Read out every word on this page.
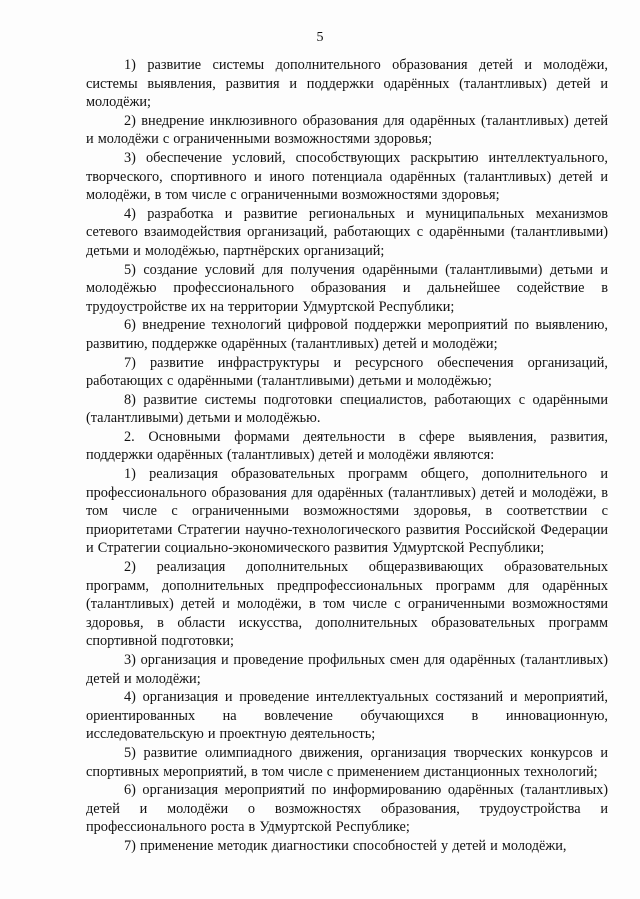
5

1) развитие системы дополнительного образования детей и молодёжи, системы выявления, развития и поддержки одарённых (талантливых) детей и молодёжи;

2) внедрение инклюзивного образования для одарённых (талантливых) детей и молодёжи с ограниченными возможностями здоровья;

3) обеспечение условий, способствующих раскрытию интеллектуального, творческого, спортивного и иного потенциала одарённых (талантливых) детей и молодёжи, в том числе с ограниченными возможностями здоровья;

4) разработка и развитие региональных и муниципальных механизмов сетевого взаимодействия организаций, работающих с одарёнными (талантливыми) детьми и молодёжью, партнёрских организаций;

5) создание условий для получения одарёнными (талантливыми) детьми и молодёжью профессионального образования и дальнейшее содействие в трудоустройстве их на территории Удмуртской Республики;

6) внедрение технологий цифровой поддержки мероприятий по выявлению, развитию, поддержке одарённых (талантливых) детей и молодёжи;

7) развитие инфраструктуры и ресурсного обеспечения организаций, работающих с одарёнными (талантливыми) детьми и молодёжью;

8) развитие системы подготовки специалистов, работающих с одарёнными (талантливыми) детьми и молодёжью.

2. Основными формами деятельности в сфере выявления, развития, поддержки одарённых (талантливых) детей и молодёжи являются:

1) реализация образовательных программ общего, дополнительного и профессионального образования для одарённых (талантливых) детей и молодёжи, в том числе с ограниченными возможностями здоровья, в соответствии с приоритетами Стратегии научно-технологического развития Российской Федерации и Стратегии социально-экономического развития Удмуртской Республики;

2) реализация дополнительных общеразвивающих образовательных программ, дополнительных предпрофессиональных программ для одарённых (талантливых) детей и молодёжи, в том числе с ограниченными возможностями здоровья, в области искусства, дополнительных образовательных программ спортивной подготовки;

3) организация и проведение профильных смен для одарённых (талантливых) детей и молодёжи;

4) организация и проведение интеллектуальных состязаний и мероприятий, ориентированных на вовлечение обучающихся в инновационную, исследовательскую и проектную деятельность;

5) развитие олимпиадного движения, организация творческих конкурсов и спортивных мероприятий, в том числе с применением дистанционных технологий;

6) организация мероприятий по информированию одарённых (талантливых) детей и молодёжи о возможностях образования, трудоустройства и профессионального роста в Удмуртской Республике;

7) применение методик диагностики способностей у детей и молодёжи,
